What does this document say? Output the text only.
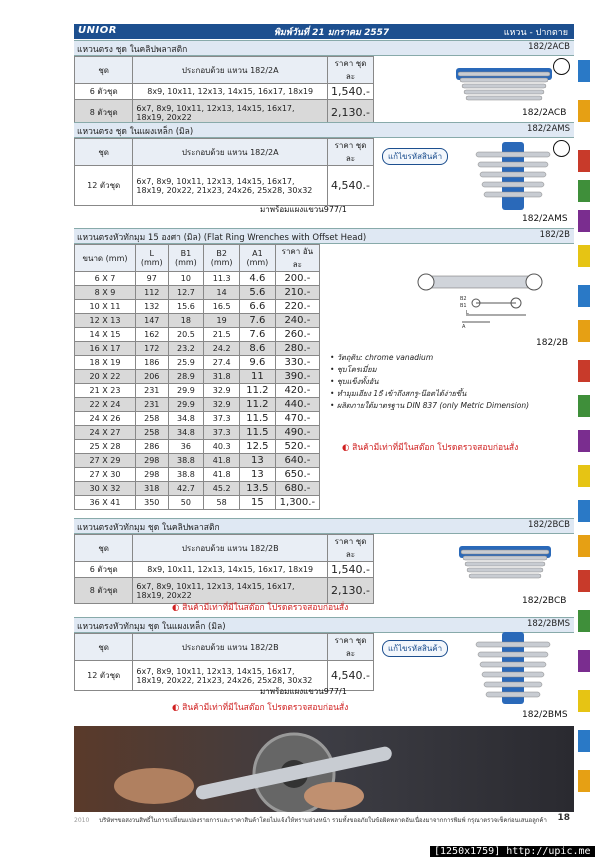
UNIOR	พิมพ์วันที่ 21 มกราคม 2557	แหวน - ปากตาย
แหวนตรง ชุด ในคลิปพลาสติก	182/2ACB
ชุด	ประกอบด้วย แหวน 182/2A	ราคา ชุดละ
6 ตัวชุด	8x9, 10x11, 12x13, 14x15, 16x17, 18x19	1,540.-
8 ตัวชุด	6x7, 8x9, 10x11, 12x13, 14x15, 16x17, 18x19, 20x22	2,130.-	182/2ACB
แหวนตรง ชุด ในแผงเหล็ก (มิล)	182/2AMS
ชุด	ประกอบด้วย แหวน 182/2A	ราคา ชุดละ
12 ตัวชุด	6x7, 8x9, 10x11, 12x13, 14x15, 16x17, 18x19, 20x22, 21x23, 24x26, 25x28, 30x32	4,540.-
แก้ไขรหัสสินค้า
มาพร้อมแผงแขวน977/1
182/2AMS
แหวนตรงหัวทักมุม 15 องศา (มิล) (Flat Ring Wrenches with Offset Head)	182/2B
ขนาด (mm)	L (mm)	B1 (mm)	B2 (mm)	A1 (mm)	ราคา อันละ
6 X 7	97	10	11.3	4.6	200.-
8 X 9	112	12.7	14	5.6	210.-
10 X 11	132	15.6	16.5	6.6	220.-
12 X 13	147	18	19	7.6	240.-
14 X 15	162	20.5	21.5	7.6	260.-
16 X 17	172	23.2	24.2	8.6	280.-
18 X 19	186	25.9	27.4	9.6	330.-
20 X 22	206	28.9	31.8	11	390.-
21 X 23	231	29.9	32.9	11.2	420.-
22 X 24	231	29.9	32.9	11.2	440.-
24 X 26	258	34.8	37.3	11.5	470.-
24 X 27	258	34.8	37.3	11.5	490.-
25 X 28	286	36	40.3	12.5	520.-
27 X 29	298	38.8	41.8	13	640.-
27 X 30	298	38.8	41.8	13	650.-
30 X 32	318	42.7	45.2	13.5	680.-
36 X 41	350	50	58	15	1,300.-
B2
B1
L
A
182/2B
• วัตถุดิบ: chrome vanadium
• ชุบโครเมี่ยม
• ชุบแข็งทั้งอัน
• ทำมุมเอียง 15ํ เข้าถึงสกรู-น๊อตได้ง่ายขึ้น
• ผลิตภายใต้มาตรฐาน DIN 837 (only Metric Dimension)
◐ สินค้ามีเท่าที่มีในสต๊อก โปรดตรวจสอบก่อนสั่ง
แหวนตรงหัวทักมุม ชุด ในคลิปพลาสติก	182/2BCB
ชุด	ประกอบด้วย แหวน 182/2B	ราคา ชุดละ
6 ตัวชุด	8x9, 10x11, 12x13, 14x15, 16x17, 18x19	1,540.-
8 ตัวชุด	6x7, 8x9, 10x11, 12x13, 14x15, 16x17, 18x19, 20x22	2,130.-
◐ สินค้ามีเท่าที่มีในสต๊อก โปรดตรวจสอบก่อนสั่ง
182/2BCB
แหวนตรงหัวทักมุม ชุด ในแผงเหล็ก (มิล)	182/2BMS
ชุด	ประกอบด้วย แหวน 182/2B	ราคา ชุดละ
12 ตัวชุด	6x7, 8x9, 10x11, 12x13, 14x15, 16x17, 18x19, 20x22, 21x23, 24x26, 25x28, 30x32	4,540.-
แก้ไขรหัสสินค้า
มาพร้อมแผงแขวน977/1
◐ สินค้ามีเท่าที่มีในสต๊อก โปรดตรวจสอบก่อนสั่ง
182/2BMS
2010 บริษัทฯขอสงวนสิทธิ์ในการเปลี่ยนแปลงรายการและราคาสินค้าโดยไม่แจ้งให้ทราบล่วงหน้า รวมทั้งขออภัยในข้อผิดพลาดอันเนื่องมาจากการพิมพ์ กรุณาตรวจเช็คก่อนเสนอลูกค้า 18
[1250x1759] http://upic.me
